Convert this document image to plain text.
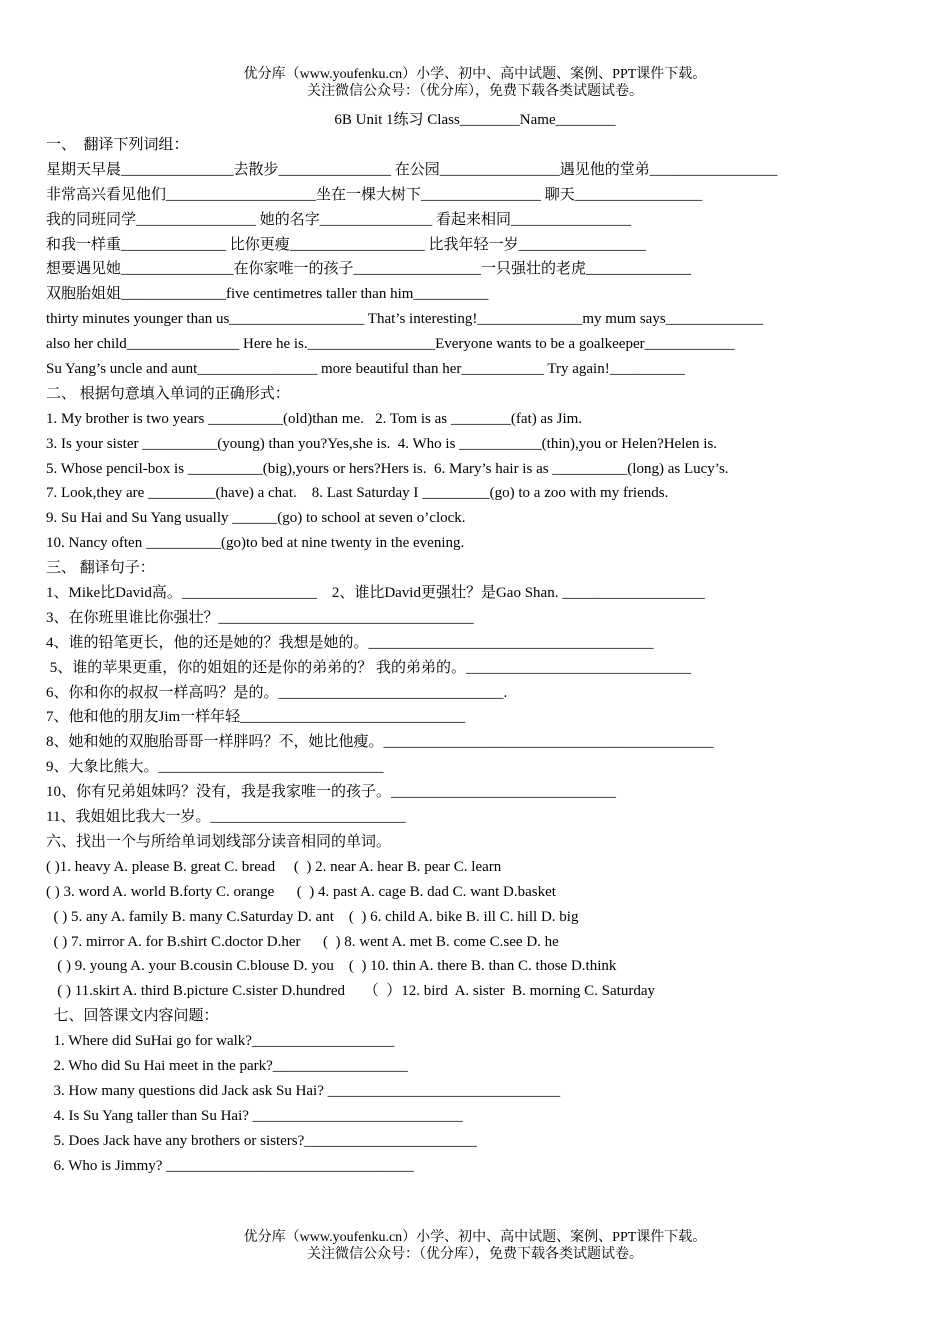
优分库（www.youfenku.cn）小学、初中、高中试题、案例、PPT课件下载。
关注微信公众号：（优分库），免费下载各类试题试卷。
6B Unit 1练习 Class________Name________
一、  翻译下列词组：
星期天早晨_______________去散步_______________ 在公园________________遇见他的堂弟_________________
非常高兴看见他们____________________坐在一棵大树下________________ 聊天_________________
我的同班同学________________ 她的名字_______________ 看起来相同________________
和我一样重______________ 比你更瘦__________________ 比我年轻一岁_________________
想要遇见她_______________在你家唯一的孩子_________________一只强壮的老虎______________
双胞胎姐姐______________five centimetres taller than him__________
thirty minutes younger than us__________________ That’s interesting!______________my mum says_____________
also her child_______________ Here he is._________________Everyone wants to be a goalkeeper____________
Su Yang’s uncle and aunt________________ more beautiful than her___________ Try again!__________
二、 根据句意填入单词的正确形式：
1. My brother is two years __________(old)than me.   2. Tom is as ________(fat) as Jim.
3. Is your sister __________(young) than you?Yes,she is.  4. Who is ___________(thin),you or Helen?Helen is.
5. Whose pencil-box is __________(big),yours or hers?Hers is.  6. Mary’s hair is as __________(long) as Lucy’s.
7. Look,they are _________(have) a chat.    8. Last Saturday I _________(go) to a zoo with my friends.
9. Su Hai and Su Yang usually ______(go) to school at seven o’clock.
10. Nancy often __________(go)to bed at nine twenty in the evening.
三、 翻译句子：
1、Mike比David高。__________________    2、谁比David更强壮？是Gao Shan. ___________________
3、在你班里谁比你强壮？__________________________________
4、谁的铅笔更长，他的还是她的？我想是她的。______________________________________
5、谁的苹果更重，你的姐姐的还是你的弟弟的？ 我的弟弟的。______________________________
6、你和你的叔叔一样高吗？是的。______________________________.
7、他和他的朋友Jim一样年轻______________________________
8、她和她的双胞胎哥哥一样胖吗？不，她比他瘦。____________________________________________
9、大象比熊大。______________________________
10、你有兄弟姐妹吗？没有，我是我家唯一的孩子。______________________________
11、我姐姐比我大一岁。__________________________
六、找出一个与所给单词划线部分读音相同的单词。
( )1. heavy A. please B. great C. bread     (  ) 2. near A. hear B. pear C. learn
( ) 3. word A. world B.forty C. orange      (  ) 4. past A. cage B. dad C. want D.basket
( ) 5. any A. family B. many C.Saturday D. ant    (  ) 6. child A. bike B. ill C. hill D. big
( ) 7. mirror A. for B.shirt C.doctor D.her      (  ) 8. went A. met B. come C.see D. he
( ) 9. young A. your B.cousin C.blouse D. you    (  ) 10. thin A. there B. than C. those D.think
( ) 11.skirt A. third B.picture C.sister D.hundred     （  ）12. bird  A. sister  B. morning C. Saturday
七、回答课文内容问题：
1. Where did SuHai go for walk?___________________
2. Who did Su Hai meet in the park?__________________
3. How many questions did Jack ask Su Hai? _______________________________
4. Is Su Yang taller than Su Hai? ____________________________
5. Does Jack have any brothers or sisters?_______________________
6. Who is Jimmy? _________________________________
优分库（www.youfenku.cn）小学、初中、高中试题、案例、PPT课件下载。
关注微信公众号：（优分库），免费下载各类试题试卷。
